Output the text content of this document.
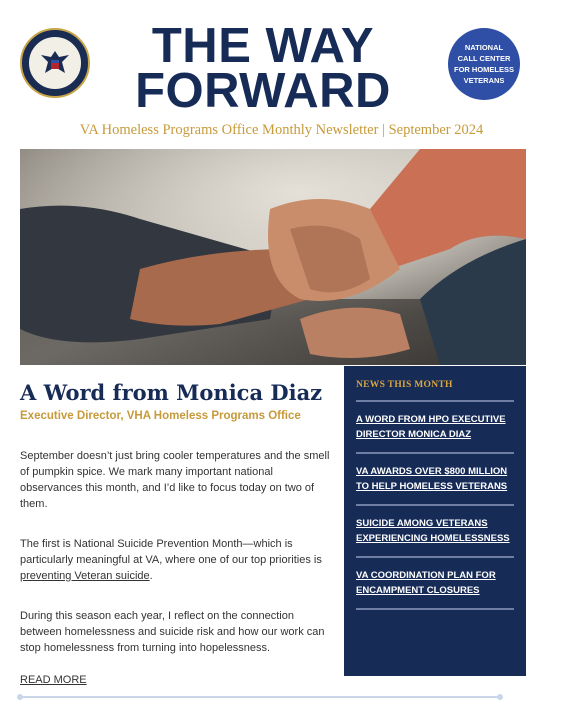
THE WAY
FORWARD
NATIONAL CALL CENTER FOR HOMELESS VETERANS
VA Homeless Programs Office Monthly Newsletter | September 2024
A Word from Monica Diaz
Executive Director, VHA Homeless Programs Office

September doesn’t just bring cooler temperatures and the smell of pumpkin spice. We mark many important national observances this month, and I’d like to focus today on two of them.

The first is National Suicide Prevention Month—which is particularly meaningful at VA, where one of our top priorities is preventing Veteran suicide.

During this season each year, I reflect on the connection between homelessness and suicide risk and how our work can stop homelessness from turning into hopelessness.

READ MORE
NEWS THIS MONTH
A WORD FROM HPO EXECUTIVE DIRECTOR MONICA DIAZ
VA AWARDS OVER $800 MILLION TO HELP HOMELESS VETERANS
SUICIDE AMONG VETERANS EXPERIENCING HOMELESSNESS
VA COORDINATION PLAN FOR ENCAMPMENT CLOSURES
